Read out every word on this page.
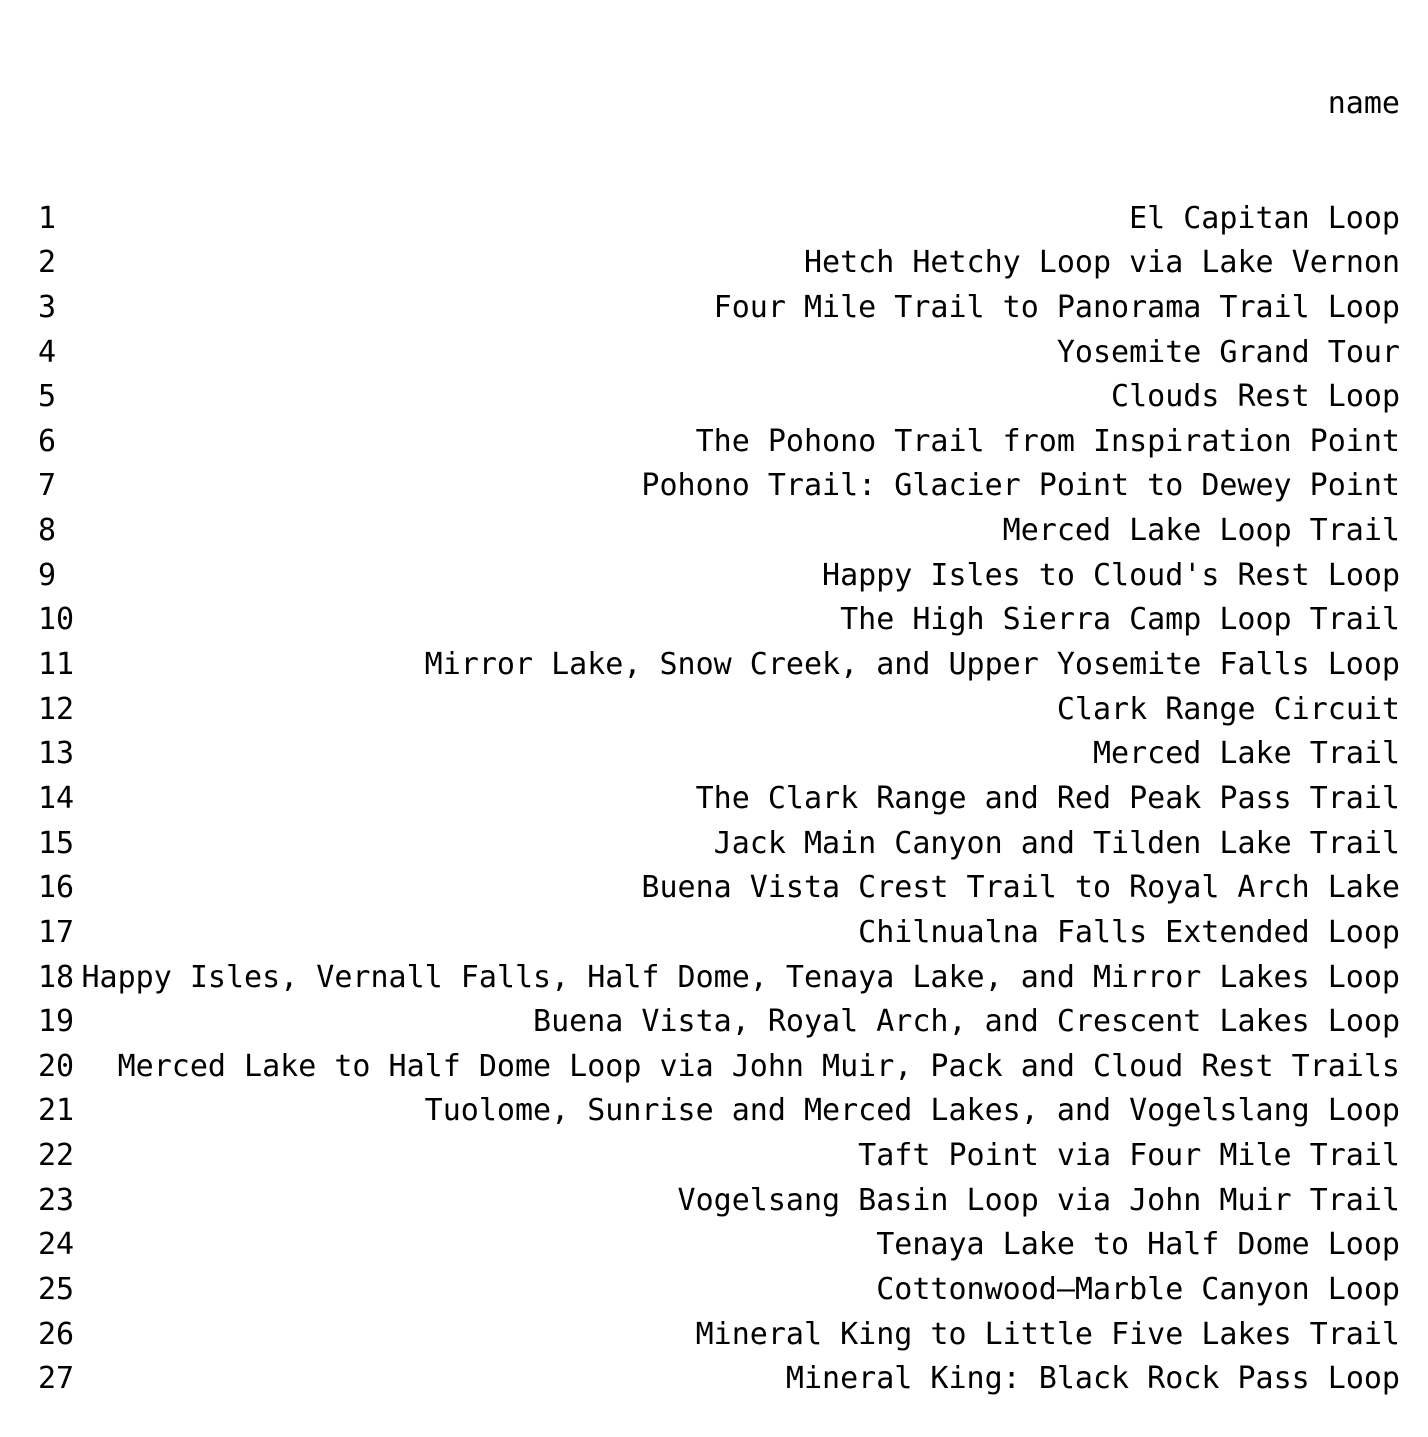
name

1	El Capitan Loop
2	Hetch Hetchy Loop via Lake Vernon
3	Four Mile Trail to Panorama Trail Loop
4	Yosemite Grand Tour
5	Clouds Rest Loop
6	The Pohono Trail from Inspiration Point
7	Pohono Trail: Glacier Point to Dewey Point
8	Merced Lake Loop Trail
9	Happy Isles to Cloud's Rest Loop
10	The High Sierra Camp Loop Trail
11	Mirror Lake, Snow Creek, and Upper Yosemite Falls Loop
12	Clark Range Circuit
13	Merced Lake Trail
14	The Clark Range and Red Peak Pass Trail
15	Jack Main Canyon and Tilden Lake Trail
16	Buena Vista Crest Trail to Royal Arch Lake
17	Chilnualna Falls Extended Loop
18 Happy Isles, Vernall Falls, Half Dome, Tenaya Lake, and Mirror Lakes Loop
19	Buena Vista, Royal Arch, and Crescent Lakes Loop
20 Merced Lake to Half Dome Loop via John Muir, Pack and Cloud Rest Trails
21	Tuolome, Sunrise and Merced Lakes, and Vogelslang Loop
22	Taft Point via Four Mile Trail
23	Vogelsang Basin Loop via John Muir Trail
24	Tenaya Lake to Half Dome Loop
25	Cottonwood–Marble Canyon Loop
26	Mineral King to Little Five Lakes Trail
27	Mineral King: Black Rock Pass Loop
